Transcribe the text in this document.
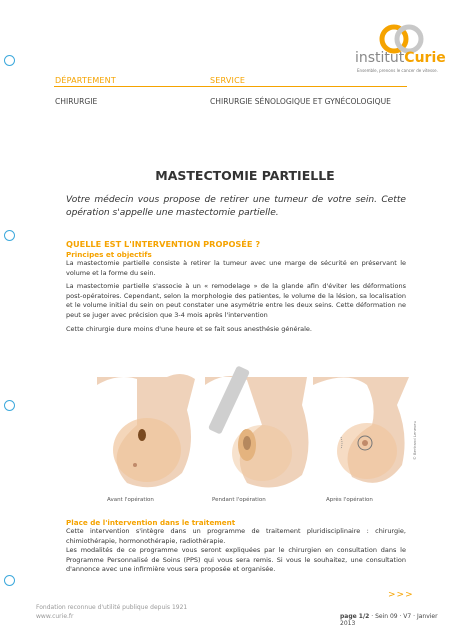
institutCurie
Ensemble, prenons le cancer de vitesse.
DÉPARTEMENT	SERVICE
CHIRURGIE	CHIRURGIE SÉNOLOGIQUE ET GYNÉCOLOGIQUE
MASTECTOMIE PARTIELLE
Votre médecin vous propose de retirer une tumeur de votre sein. Cette opération s'appelle une mastectomie partielle.
QUELLE EST L'INTERVENTION PROPOSÉE ?
Principes et objectifs
La mastectomie partielle consiste à retirer la tumeur avec une marge de sécurité en préservant le volume et la forme du sein.
La mastectomie partielle s'associe à un « remodelage » de la glande afin d'éviter les déformations post-opératoires. Cependant, selon la morphologie des patientes, le volume de la lésion, sa localisation et le volume initial du sein on peut constater une asymétrie entre les deux seins. Cette déformation ne peut se juger avec précision que 3-4 mois après l'intervention
Cette chirurgie dure moins d'une heure et se fait sous anesthésie générale.
Avant l'opération	Pendant l'opération	Après l'opération
© Bertrand Leneveu
Place de l'intervention dans le traitement
Cette intervention s'intègre dans un programme de traitement pluridisciplinaire : chirurgie, chimiothérapie, hormonothérapie, radiothérapie.
Les modalités de ce programme vous seront expliquées par le chirurgien en consultation dans le Programme Personnalisé de Soins (PPS) qui vous sera remis. Si vous le souhaitez, une consultation d'annonce avec une infirmière vous sera proposée et organisée.
>>>
Fondation reconnue d'utilité publique depuis 1921
www.curie.fr	page 1/2 · Sein 09 · V7 · Janvier 2013
